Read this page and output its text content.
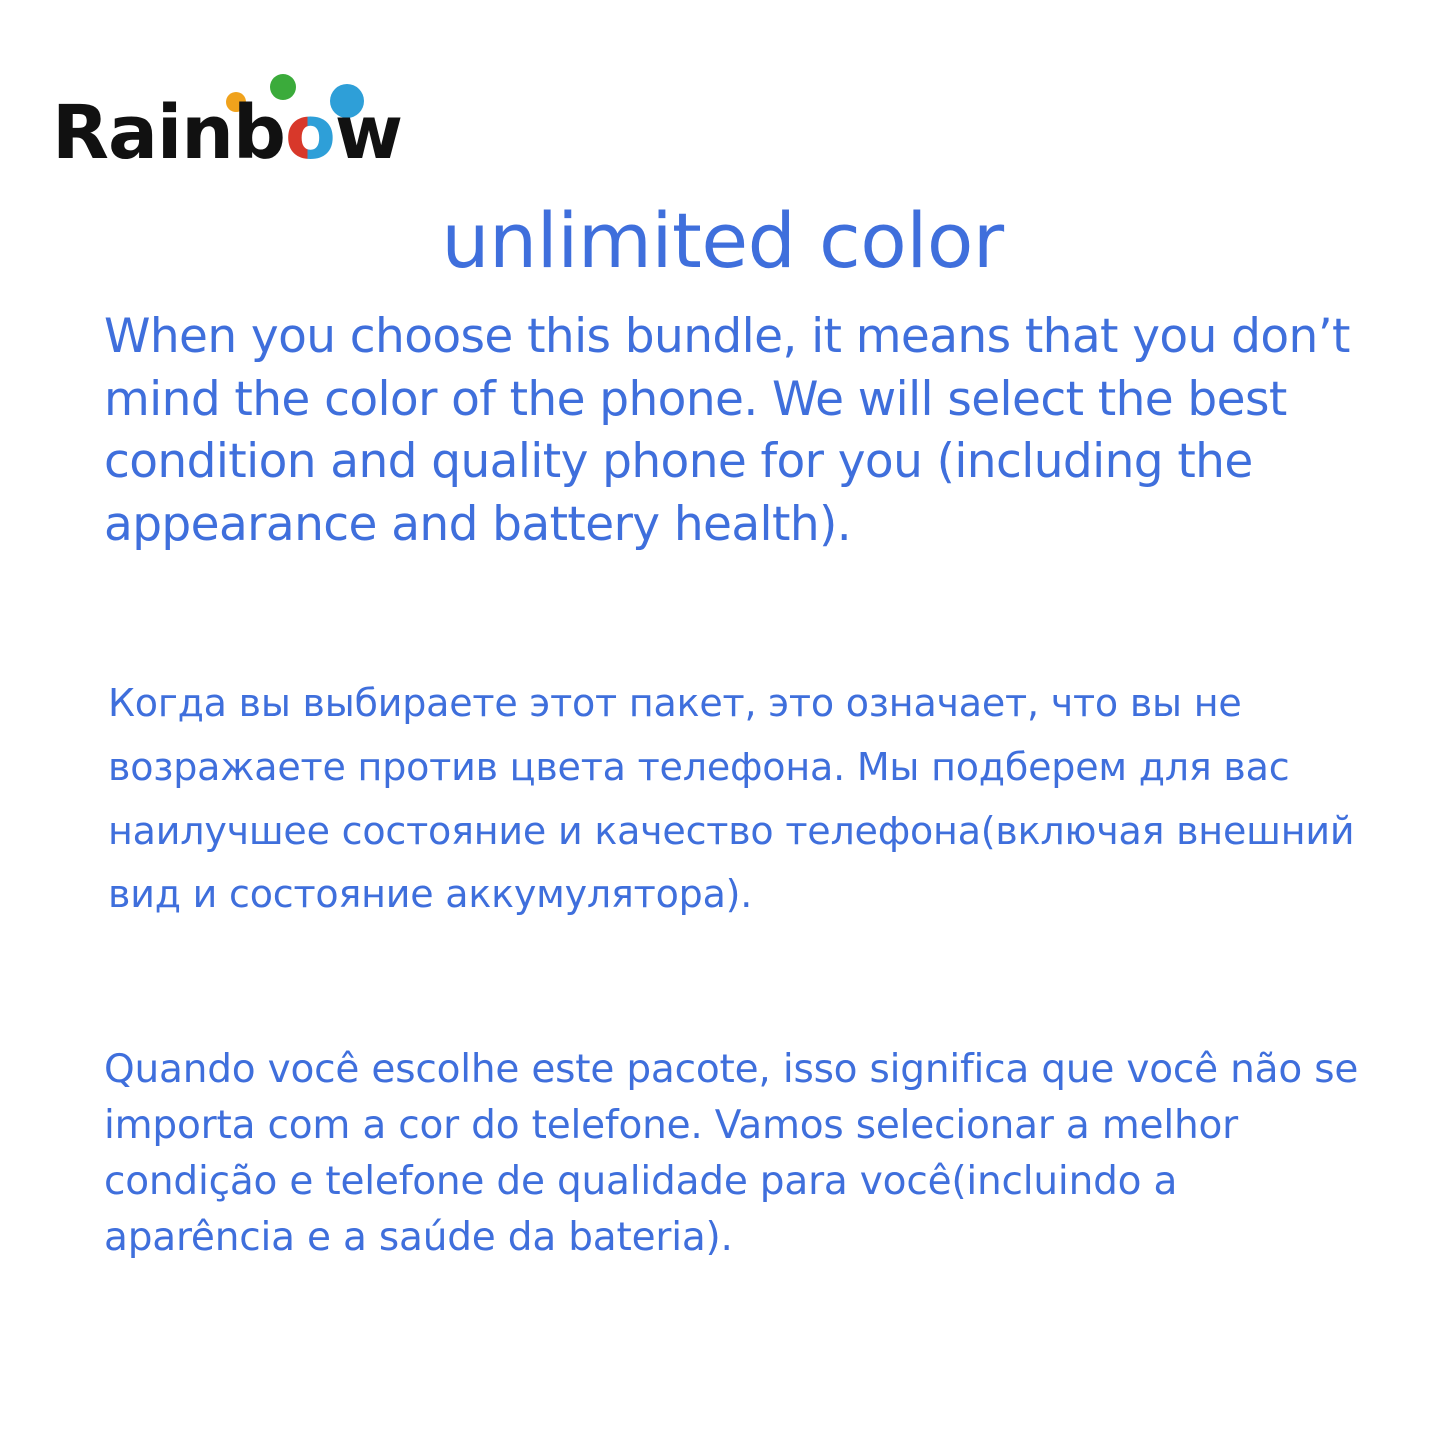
Rainbow
unlimited color
When you choose this bundle, it means that you don’t mind the color of the phone. We will select the best condition and quality phone for you (including the appearance and battery health).
Когда вы выбираете этот пакет, это означает, что вы не возражаете против цвета телефона. Мы подберем для вас наилучшее состояние и качество телефона(включая внешний вид и состояние аккумулятора).
Quando você escolhe este pacote, isso significa que você não se importa com a cor do telefone. Vamos selecionar a melhor condição e telefone de qualidade para você(incluindo a aparência e a saúde da bateria).
